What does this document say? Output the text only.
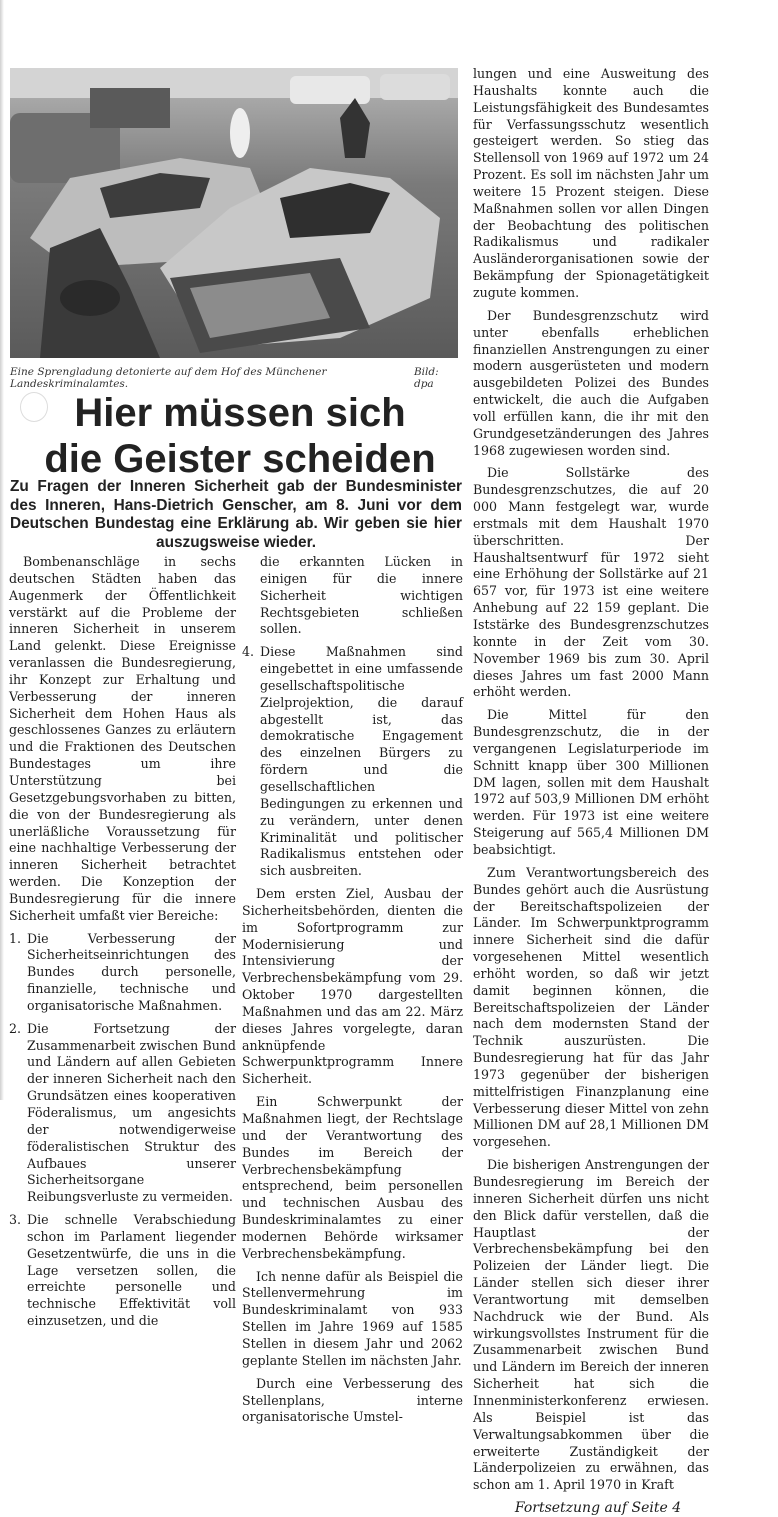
Eine Sprengladung detonierte auf dem Hof des Münchener Landeskriminalamtes.
Bild: dpa
Hier müssen sich
die Geister scheiden
Zu Fragen der Inneren Sicherheit gab der Bundesminister des Inneren, Hans-Dietrich Genscher, am 8. Juni vor dem Deutschen Bundestag eine Erklärung ab. Wir geben sie hier auszugsweise wieder.

Bombenanschläge in sechs deutschen Städten haben das Augenmerk der Öffentlichkeit verstärkt auf die Probleme der inneren Sicherheit in unserem Land gelenkt. Diese Ereignisse veranlassen die Bundesregierung, ihr Konzept zur Erhaltung und Verbesserung der inneren Sicherheit dem Hohen Haus als geschlossenes Ganzes zu erläutern und die Fraktionen des Deutschen Bundestages um ihre Unterstützung bei Gesetzgebungsvorhaben zu bitten, die von der Bundesregierung als unerläßliche Voraussetzung für eine nachhaltige Verbesserung der inneren Sicherheit betrachtet werden. Die Konzeption der Bundesregierung für die innere Sicherheit umfaßt vier Bereiche:

1. Die Verbesserung der Sicherheitseinrichtungen des Bundes durch personelle, finanzielle, technische und organisatorische Maßnahmen.
2. Die Fortsetzung der Zusammenarbeit zwischen Bund und Ländern auf allen Gebieten der inneren Sicherheit nach den Grundsätzen eines kooperativen Föderalismus, um angesichts der notwendigerweise föderalistischen Struktur des Aufbaues unserer Sicherheitsorgane Reibungsverluste zu vermeiden.
3. Die schnelle Verabschiedung schon im Parlament liegender Gesetzentwürfe, die uns in die Lage versetzen sollen, die erreichte personelle und technische Effektivität voll einzusetzen, und die
die erkannten Lücken in einigen für die innere Sicherheit wichtigen Rechtsgebieten schließen sollen.
4. Diese Maßnahmen sind eingebettet in eine umfassende gesellschaftspolitische Zielprojektion, die darauf abgestellt ist, das demokratische Engagement des einzelnen Bürgers zu fördern und die gesellschaftlichen Bedingungen zu erkennen und zu verändern, unter denen Kriminalität und politischer Radikalismus entstehen oder sich ausbreiten.

Dem ersten Ziel, Ausbau der Sicherheitsbehörden, dienten die im Sofortprogramm zur Modernisierung und Intensivierung der Verbrechensbekämpfung vom 29. Oktober 1970 dargestellten Maßnahmen und das am 22. März dieses Jahres vorgelegte, daran anknüpfende Schwerpunktprogramm Innere Sicherheit.

Ein Schwerpunkt der Maßnahmen liegt, der Rechtslage und der Verantwortung des Bundes im Bereich der Verbrechensbekämpfung entsprechend, beim personellen und technischen Ausbau des Bundeskriminalamtes zu einer modernen Behörde wirksamer Verbrechensbekämpfung.

Ich nenne dafür als Beispiel die Stellenvermehrung im Bundeskriminalamt von 933 Stellen im Jahre 1969 auf 1585 Stellen in diesem Jahr und 2062 geplante Stellen im nächsten Jahr.

Durch eine Verbesserung des Stellenplans, interne organisatorische Umstel-

lungen und eine Ausweitung des Haushalts konnte auch die Leistungsfähigkeit des Bundesamtes für Verfassungsschutz wesentlich gesteigert werden. So stieg das Stellensoll von 1969 auf 1972 um 24 Prozent. Es soll im nächsten Jahr um weitere 15 Prozent steigen. Diese Maßnahmen sollen vor allen Dingen der Beobachtung des politischen Radikalismus und radikaler Ausländerorganisationen sowie der Bekämpfung der Spionagetätigkeit zugute kommen.

Der Bundesgrenzschutz wird unter ebenfalls erheblichen finanziellen Anstrengungen zu einer modern ausgerüsteten und modern ausgebildeten Polizei des Bundes entwickelt, die auch die Aufgaben voll erfüllen kann, die ihr mit den Grundgesetzänderungen des Jahres 1968 zugewiesen worden sind.

Die Sollstärke des Bundesgrenzschutzes, die auf 20 000 Mann festgelegt war, wurde erstmals mit dem Haushalt 1970 überschritten. Der Haushaltsentwurf für 1972 sieht eine Erhöhung der Sollstärke auf 21 657 vor, für 1973 ist eine weitere Anhebung auf 22 159 geplant. Die Iststärke des Bundesgrenzschutzes konnte in der Zeit vom 30. November 1969 bis zum 30. April dieses Jahres um fast 2000 Mann erhöht werden.

Die Mittel für den Bundesgrenzschutz, die in der vergangenen Legislaturperiode im Schnitt knapp über 300 Millionen DM lagen, sollen mit dem Haushalt 1972 auf 503,9 Millionen DM erhöht werden. Für 1973 ist eine weitere Steigerung auf 565,4 Millionen DM beabsichtigt.

Zum Verantwortungsbereich des Bundes gehört auch die Ausrüstung der Bereitschaftspolizeien der Länder. Im Schwerpunktprogramm innere Sicherheit sind die dafür vorgesehenen Mittel wesentlich erhöht worden, so daß wir jetzt damit beginnen können, die Bereitschaftspolizeien der Länder nach dem modernsten Stand der Technik auszurüsten. Die Bundesregierung hat für das Jahr 1973 gegenüber der bisherigen mittelfristigen Finanzplanung eine Verbesserung dieser Mittel von zehn Millionen DM auf 28,1 Millionen DM vorgesehen.

Die bisherigen Anstrengungen der Bundesregierung im Bereich der inneren Sicherheit dürfen uns nicht den Blick dafür verstellen, daß die Hauptlast der Verbrechensbekämpfung bei den Polizeien der Länder liegt. Die Länder stellen sich dieser ihrer Verantwortung mit demselben Nachdruck wie der Bund. Als wirkungsvollstes Instrument für die Zusammenarbeit zwischen Bund und Ländern im Bereich der inneren Sicherheit hat sich die Innenministerkonferenz erwiesen. Als Beispiel ist das Verwaltungsabkommen über die erweiterte Zuständigkeit der Länderpolizeien zu erwähnen, das schon am 1. April 1970 in Kraft

Fortsetzung auf Seite 4
